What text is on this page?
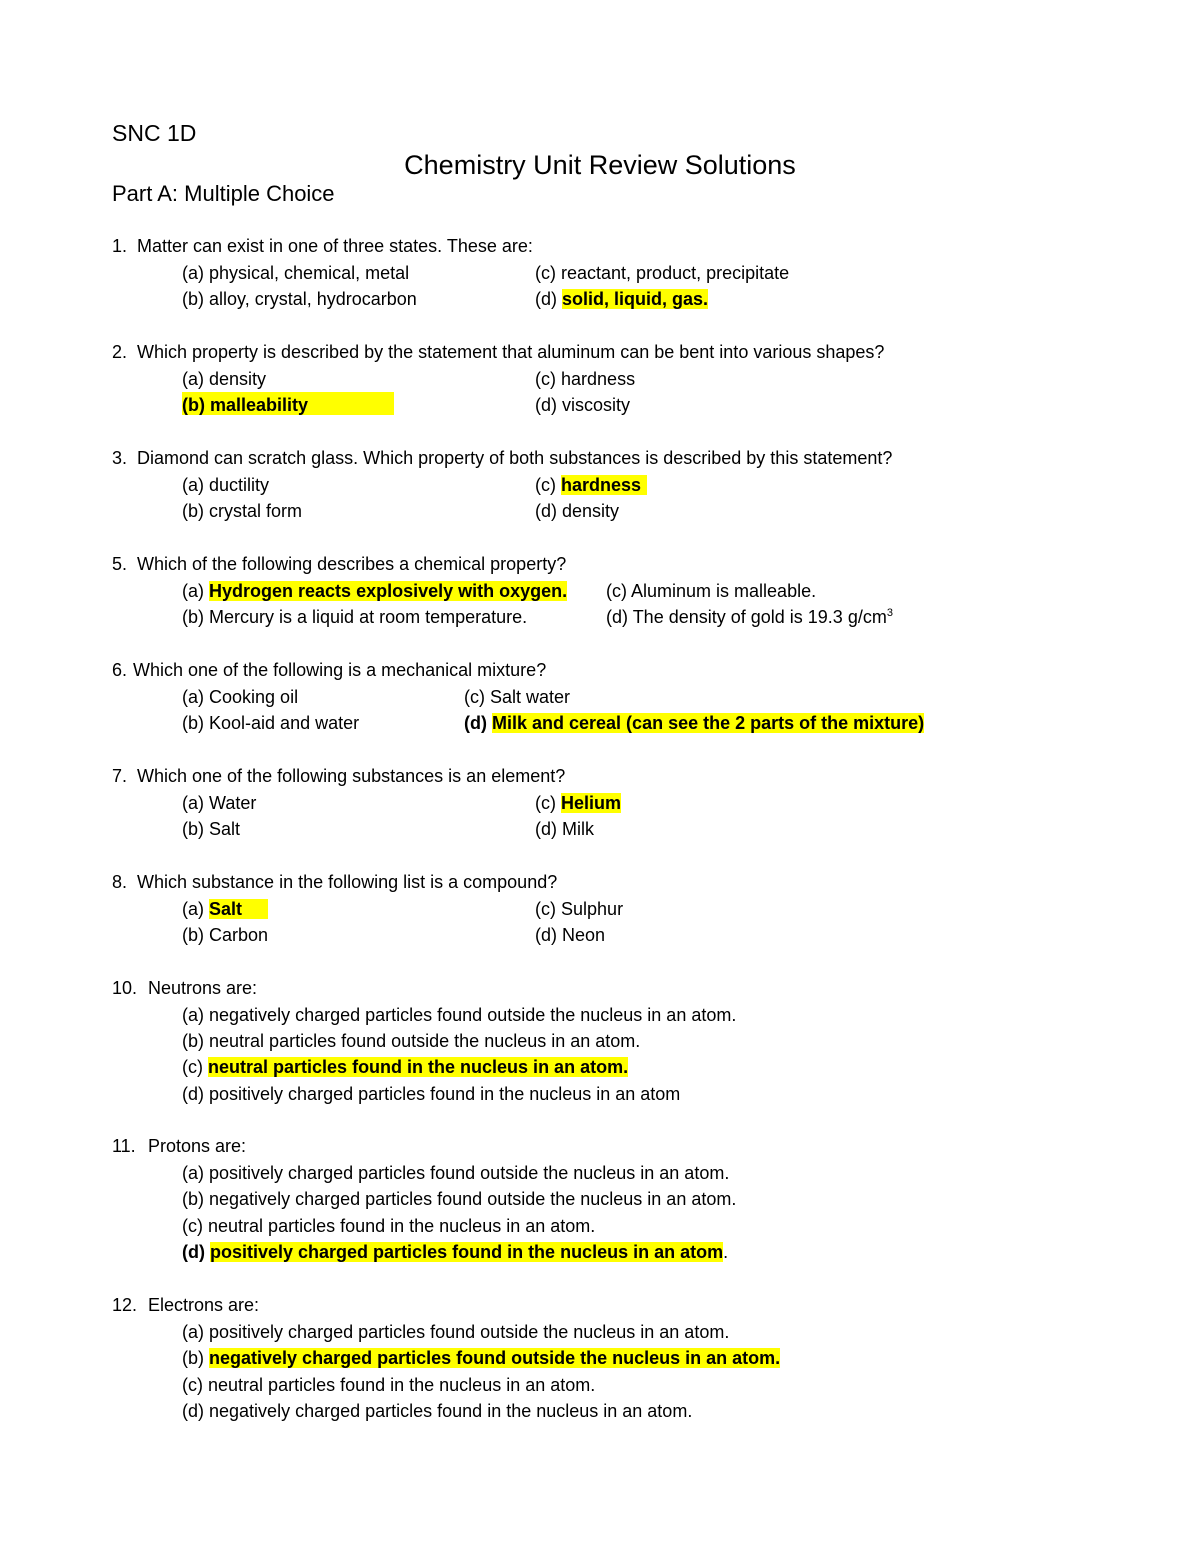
SNC 1D
Chemistry Unit Review Solutions
Part A: Multiple Choice
1. Matter can exist in one of three states. These are:
(a) physical, chemical, metal
(b) alloy, crystal, hydrocarbon
(c) reactant, product, precipitate
(d) solid, liquid, gas.
2. Which property is described by the statement that aluminum can be bent into various shapes?
(a) density
(b) malleability
(c) hardness
(d) viscosity
3. Diamond can scratch glass. Which property of both substances is described by this statement?
(a) ductility
(b) crystal form
(c) hardness
(d) density
5. Which of the following describes a chemical property?
(a) Hydrogen reacts explosively with oxygen.
(b) Mercury is a liquid at room temperature.
(c) Aluminum is malleable.
(d) The density of gold is 19.3 $g/cm^3$
6. Which one of the following is a mechanical mixture?
(a) Cooking oil
(b) Kool-aid and water
(c) Salt water
(d) Milk and cereal (can see the 2 parts of the mixture)
7. Which one of the following substances is an element?
(a) Water
(b) Salt
(c) Helium
(d) Milk
8. Which substance in the following list is a compound?
(a) Salt
(b) Carbon
(c) Sulphur
(d) Neon
10. Neutrons are:
(a) negatively charged particles found outside the nucleus in an atom.
(b) neutral particles found outside the nucleus in an atom.
(c) neutral particles found in the nucleus in an atom.
(d) positively charged particles found in the nucleus in an atom
11. Protons are:
(a) positively charged particles found outside the nucleus in an atom.
(b) negatively charged particles found outside the nucleus in an atom.
(c) neutral particles found in the nucleus in an atom.
(d) positively charged particles found in the nucleus in an atom.
12. Electrons are:
(a) positively charged particles found outside the nucleus in an atom.
(b) negatively charged particles found outside the nucleus in an atom.
(c) neutral particles found in the nucleus in an atom.
(d) negatively charged particles found in the nucleus in an atom.
